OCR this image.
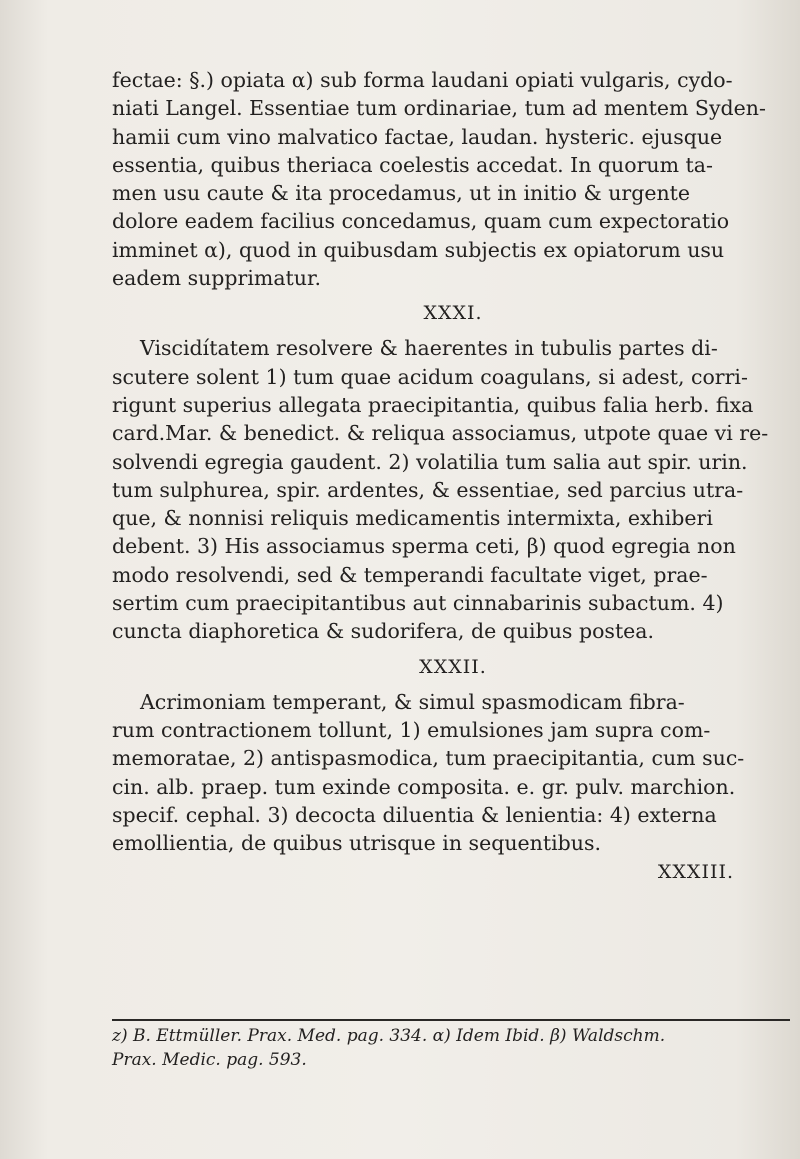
fectae: §.) opiata α) sub forma laudani opiati vulgaris, cydo-
niati Langel. Essentiae tum ordinariae, tum ad mentem Syden-
hamii cum vino malvatico factae, laudan. hysteric. ejusque
essentia, quibus theriaca coelestis accedat. In quorum ta-
men usu caute & ita procedamus, ut in initio & urgente
dolore eadem facilius concedamus, quam cum expectoratio
imminet α), quod in quibusdam subjectis ex opiatorum usu
eadem supprimatur.
XXXI.
Viscidítatem resolvere & haerentes in tubulis partes di-
scutere solent 1) tum quae acidum coagulans, si adest, corri-
rigunt superius allegata praecipitantia, quibus falia herb. fixa
card.Mar. & benedict. & reliqua associamus, utpote quae vi re-
solvendi egregia gaudent. 2) volatilia tum salia aut spir. urin.
tum sulphurea, spir. ardentes, & essentiae, sed parcius utra-
que, & nonnisi reliquis medicamentis intermixta, exhiberi
debent. 3) His associamus sperma ceti, β) quod egregia non
modo resolvendi, sed & temperandi facultate viget, prae-
sertim cum praecipitantibus aut cinnabarinis subactum. 4)
cuncta diaphoretica & sudorifera, de quibus postea.
XXXII.
Acrimoniam temperant, & simul spasmodicam fibra-
rum contractionem tollunt, 1) emulsiones jam supra com-
memoratae, 2) antispasmodica, tum praecipitantia, cum suc-
cin. alb. praep. tum exinde composita. e. gr. pulv. marchion.
specif. cephal. 3) decocta diluentia & lenientia: 4) externa
emollientia, de quibus utrisque in sequentibus.
XXXIII.
z) B. Ettmüller. Prax. Med. pag. 334. α) Idem Ibid. β) Waldschm.
Prax. Medic. pag. 593.
